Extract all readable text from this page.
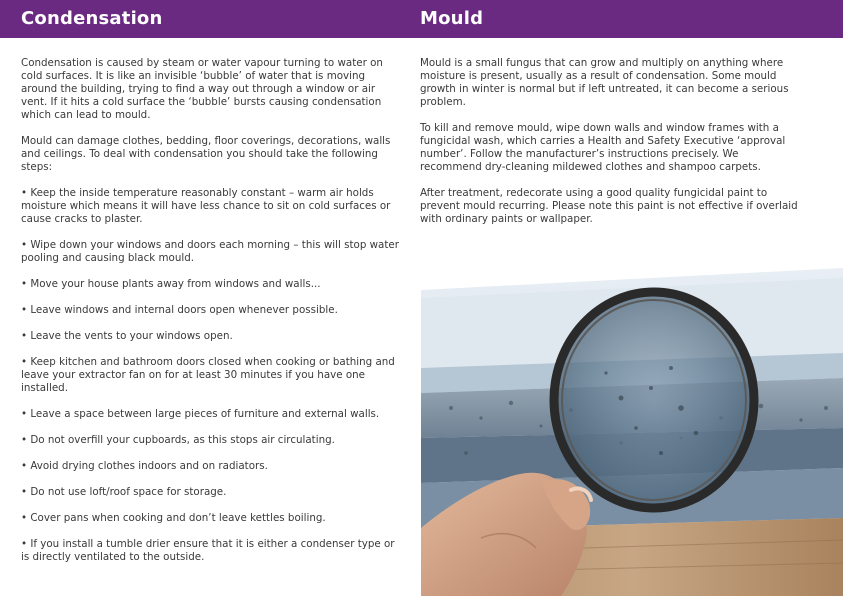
Condensation	Mould

Condensation is caused by steam or water vapour turning to water on cold surfaces. It is like an invisible ‘bubble’ of water that is moving around the building, trying to find a way out through a window or air vent. If it hits a cold surface the ‘bubble’ bursts causing condensation which can lead to mould.

Mould can damage clothes, bedding, floor coverings, decorations, walls and ceilings. To deal with condensation you should take the following steps:

• Keep the inside temperature reasonably constant – warm air holds moisture which means it will have less chance to sit on cold surfaces or cause cracks to plaster.

• Wipe down your windows and doors each morning – this will stop water pooling and causing black mould.

• Move your house plants away from windows and walls...

• Leave windows and internal doors open whenever possible.

• Leave the vents to your windows open.

• Keep kitchen and bathroom doors closed when cooking or bathing and leave your extractor fan on for at least 30 minutes if you have one installed.

• Leave a space between large pieces of furniture and external walls.

• Do not overfill your cupboards, as this stops air circulating.

• Avoid drying clothes indoors and on radiators.

• Do not use loft/roof space for storage.

• Cover pans when cooking and don’t leave kettles boiling.

• If you install a tumble drier ensure that it is either a condenser type or is directly ventilated to the outside.

Mould is a small fungus that can grow and multiply on anything where moisture is present, usually as a result of condensation. Some mould growth in winter is normal but if left untreated, it can become a serious problem.

To kill and remove mould, wipe down walls and window frames with a fungicidal wash, which carries a Health and Safety Executive ‘approval number’. Follow the manufacturer’s instructions precisely. We recommend dry-cleaning mildewed clothes and shampoo carpets.

After treatment, redecorate using a good quality fungicidal paint to prevent mould recurring. Please note this paint is not effective if overlaid with ordinary paints or wallpaper.
